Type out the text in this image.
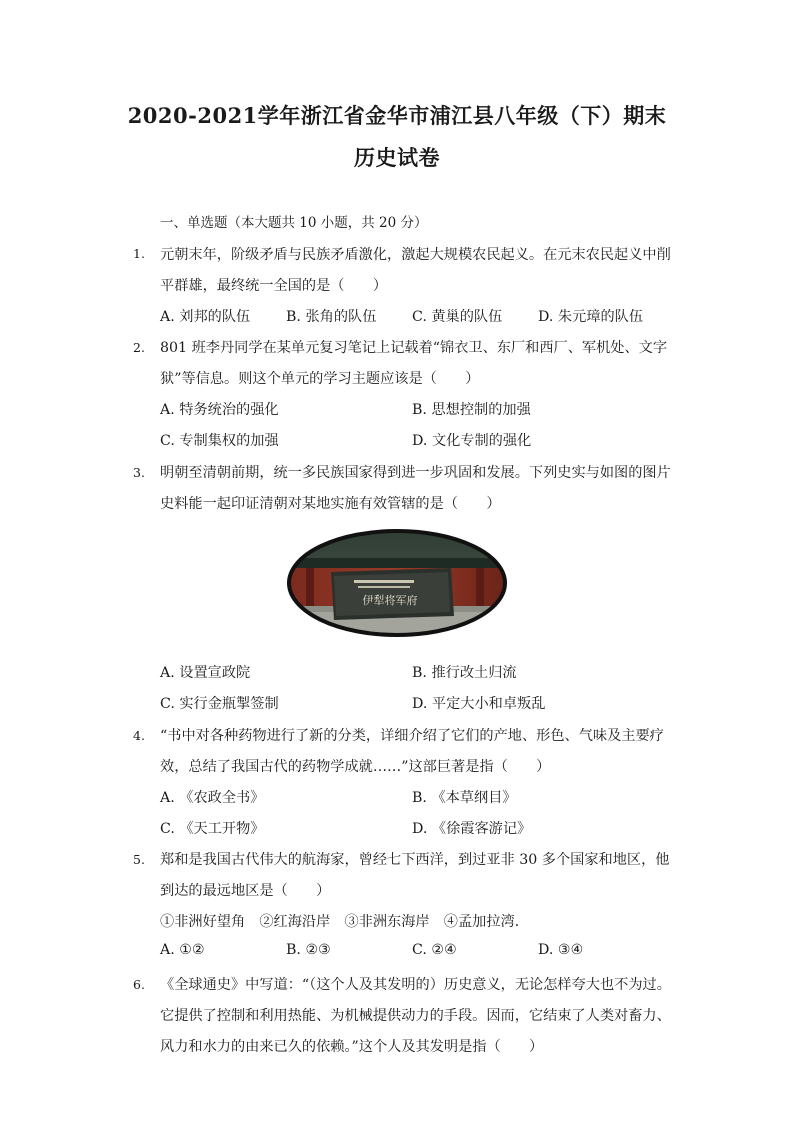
2020-2021学年浙江省金华市浦江县八年级（下）期末
历史试卷
一、单选题（本大题共 10 小题，共 20 分）
1.	元朝末年，阶级矛盾与民族矛盾激化，激起大规模农民起义。在元末农民起义中削
平群雄，最终统一全国的是（　　）
A. 刘邦的队伍	B. 张角的队伍	C. 黄巢的队伍	D. 朱元璋的队伍
2.	801 班李丹同学在某单元复习笔记上记载着“锦衣卫、东厂和西厂、军机处、文字
狱”等信息。则这个单元的学习主题应该是（　　）
A. 特务统治的强化	B. 思想控制的加强
C. 专制集权的加强	D. 文化专制的强化
3.	明朝至清朝前期，统一多民族国家得到进一步巩固和发展。下列史实与如图的图片
史料能一起印证清朝对某地实施有效管辖的是（　　）
伊犁将军府
A. 设置宣政院	B. 推行改土归流
C. 实行金瓶掣签制	D. 平定大小和卓叛乱
4.	“书中对各种药物进行了新的分类，详细介绍了它们的产地、形色、气味及主要疗
效，总结了我国古代的药物学成就……”这部巨著是指（　　）
A. 《农政全书》	B. 《本草纲目》
C. 《天工开物》	D. 《徐霞客游记》
5.	郑和是我国古代伟大的航海家，曾经七下西洋，到过亚非 30 多个国家和地区，他
到达的最远地区是（　　）
①非洲好望角　②红海沿岸　③非洲东海岸　④孟加拉湾．
A. ①②	B. ②③	C. ②④	D. ③④
6.	《全球通史》中写道：“（这个人及其发明的）历史意义，无论怎样夸大也不为过。
它提供了控制和利用热能、为机械提供动力的手段。因而，它结束了人类对畜力、
风力和水力的由来已久的依赖。”这个人及其发明是指（　　）
